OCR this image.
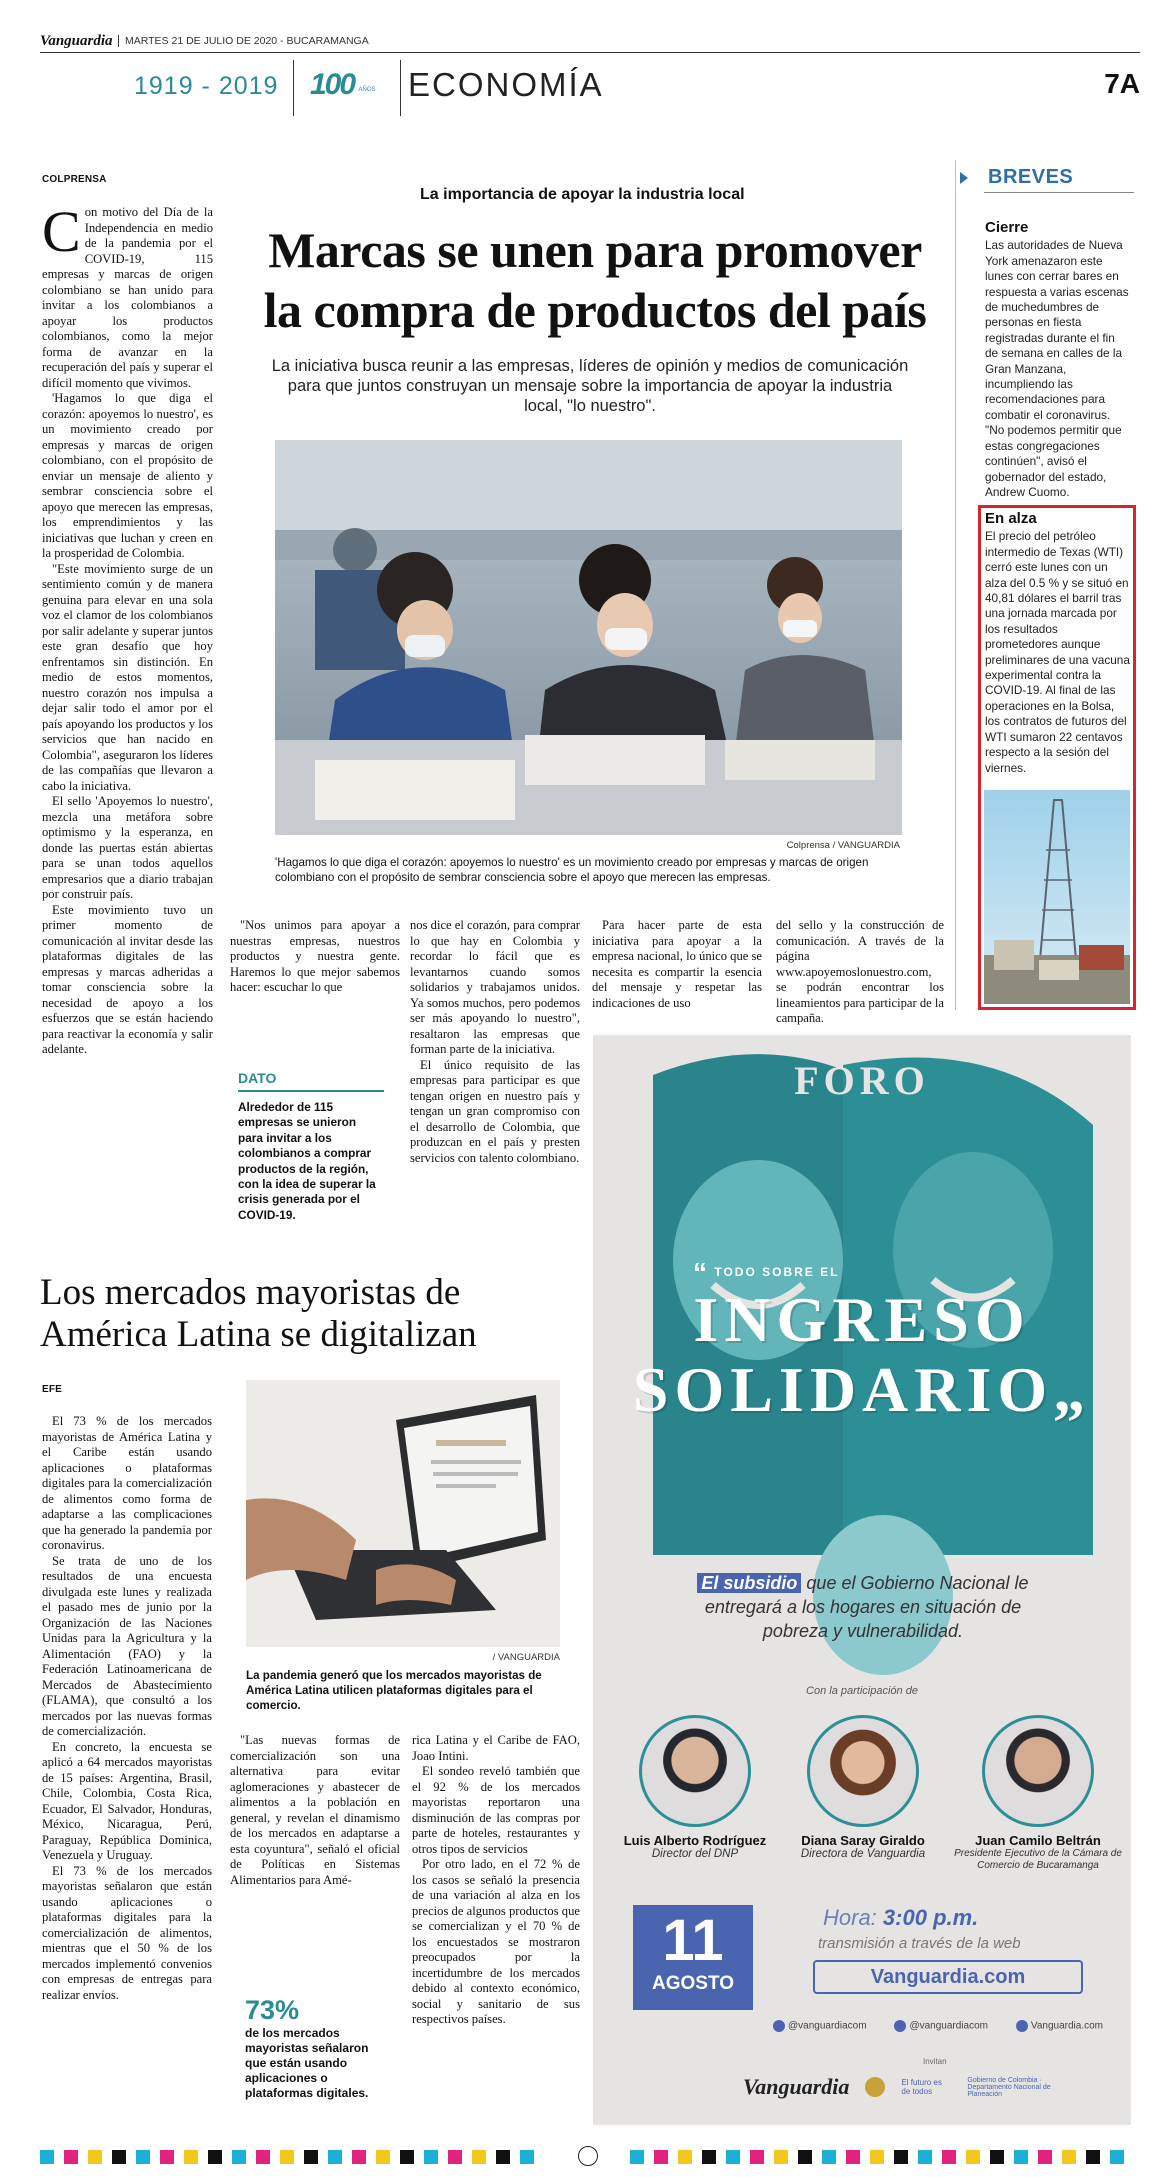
Vanguardia	MARTES 21 DE JULIO DE 2020 - BUCARAMANGA
1919 - 2019 100 AÑOS ECONOMÍA	7A
COLPRENSA

Con motivo del Día de la Independencia en medio de la pandemia por el COVID-19, 115 empresas y marcas de origen colombiano se han unido para invitar a los colombianos a apoyar los productos colombianos, como la mejor forma de avanzar en la recuperación del país y superar el difícil momento que vivimos.

'Hagamos lo que diga el corazón: apoyemos lo nuestro', es un movimiento creado por empresas y marcas de origen colombiano, con el propósito de enviar un mensaje de aliento y sembrar consciencia sobre el apoyo que merecen las empresas, los emprendimientos y las iniciativas que luchan y creen en la prosperidad de Colombia.

"Este movimiento surge de un sentimiento común y de manera genuina para elevar en una sola voz el clamor de los colombianos por salir adelante y superar juntos este gran desafío que hoy enfrentamos sin distinción. En medio de estos momentos, nuestro corazón nos impulsa a dejar salir todo el amor por el país apoyando los productos y los servicios que han nacido en Colombia", aseguraron los líderes de las compañías que llevaron a cabo la iniciativa.

El sello 'Apoyemos lo nuestro', mezcla una metáfora sobre optimismo y la esperanza, en donde las puertas están abiertas para se unan todos aquellos empresarios que a diario trabajan por construir país.

Este movimiento tuvo un primer momento de comunicación al invitar desde las plataformas digitales de las empresas y marcas adheridas a tomar consciencia sobre la necesidad de apoyo a los esfuerzos que se están haciendo para reactivar la economía y salir adelante.

La importancia de apoyar la industria local
Marcas se unen para promover
la compra de productos del país
La iniciativa busca reunir a las empresas, líderes de opinión y medios de comunicación para que juntos construyan un mensaje sobre la importancia de apoyar la industria local, "lo nuestro".
Colprensa / VANGUARDIA
'Hagamos lo que diga el corazón: apoyemos lo nuestro' es un movimiento creado por empresas y marcas de origen colombiano con el propósito de sembrar consciencia sobre el apoyo que merecen las empresas.

"Nos unimos para apoyar a nuestras empresas, nuestros productos y nuestra gente. Haremos lo que mejor sabemos hacer: escuchar lo que

nos dice el corazón, para comprar lo que hay en Colombia y recordar lo fácil que es levantarnos cuando somos solidarios y trabajamos unidos. Ya somos muchos, pero podemos ser más apoyando lo nuestro", resaltaron las empresas que forman parte de la iniciativa.

El único requisito de las empresas para participar es que tengan origen en nuestro país y tengan un gran compromiso con el desarrollo de Colombia, que produzcan en el país y presten servicios con talento colombiano.

Para hacer parte de esta iniciativa para apoyar a la empresa nacional, lo único que se necesita es compartir la esencia del mensaje y respetar las indicaciones de uso

del sello y la construcción de comunicación. A través de la página www.apoyemoslonuestro.com, se podrán encontrar los lineamientos para participar de la campaña.

DATO
Alrededor de 115 empresas se unieron para invitar a los colombianos a comprar productos de la región, con la idea de superar la crisis generada por el COVID-19.
BREVES
Cierre
Las autoridades de Nueva York amenazaron este lunes con cerrar bares en respuesta a varias escenas de muchedumbres de personas en fiesta registradas durante el fin de semana en calles de la Gran Manzana, incumpliendo las recomendaciones para combatir el coronavirus. "No podemos permitir que estas congregaciones continúen", avisó el gobernador del estado, Andrew Cuomo.
En alza
El precio del petróleo intermedio de Texas (WTI) cerró este lunes con un alza del 0.5 % y se situó en 40,81 dólares el barril tras una jornada marcada por los resultados prometedores aunque preliminares de una vacuna experimental contra la COVID-19. Al final de las operaciones en la Bolsa, los contratos de futuros del WTI sumaron 22 centavos respecto a la sesión del viernes.
Los mercados mayoristas de
América Latina se digitalizan
EFE

El 73 % de los mercados mayoristas de América Latina y el Caribe están usando aplicaciones o plataformas digitales para la comercialización de alimentos como forma de adaptarse a las complicaciones que ha generado la pandemia por coronavirus.

Se trata de uno de los resultados de una encuesta divulgada este lunes y realizada el pasado mes de junio por la Organización de las Naciones Unidas para la Agricultura y la Alimentación (FAO) y la Federación Latinoamericana de Mercados de Abastecimiento (FLAMA), que consultó a los mercados por las nuevas formas de comercialización.

En concreto, la encuesta se aplicó a 64 mercados mayoristas de 15 países: Argentina, Brasil, Chile, Colombia, Costa Rica, Ecuador, El Salvador, Honduras, México, Nicaragua, Perú, Paraguay, República Dominica, Venezuela y Uruguay.

El 73 % de los mercados mayoristas señalaron que están usando aplicaciones o plataformas digitales para la comercialización de alimentos, mientras que el 50 % de los mercados implementó convenios con empresas de entregas para realizar envíos.

/ VANGUARDIA
La pandemia generó que los mercados mayoristas de América Latina utilicen plataformas digitales para el comercio.

"Las nuevas formas de comercialización son una alternativa para evitar aglomeraciones y abastecer de alimentos a la población en general, y revelan el dinamismo de los mercados en adaptarse a esta coyuntura", señaló el oficial de Políticas en Sistemas Alimentarios para Amé-

rica Latina y el Caribe de FAO, Joao Intini.

El sondeo reveló también que el 92 % de los mercados mayoristas reportaron una disminución de las compras por parte de hoteles, restaurantes y otros tipos de servicios

Por otro lado, en el 72 % de los casos se señaló la presencia de una variación al alza en los precios de algunos productos que se comercializan y el 70 % de los encuestados se mostraron preocupados por la incertidumbre de los mercados debido al contexto económico, social y sanitario de sus respectivos países.

73%
de los mercados mayoristas señalaron que están usando aplicaciones o plataformas digitales.
FORO
“ TODO SOBRE EL
INGRESO
SOLIDARIO„
El subsidio que el Gobierno Nacional le
entregará a los hogares en situación de
pobreza y vulnerabilidad.
Con la participación de
Luis Alberto Rodríguez
Director del DNP
Diana Saray Giraldo
Directora de Vanguardia
Juan Camilo Beltrán
Presidente Ejecutivo de la Cámara de Comercio de Bucaramanga
11
AGOSTO
Hora: 3:00 p.m.
transmisión a través de la web
Vanguardia.com
@vanguardiacom	@vanguardiacom	Vanguardia.com
Invitan
Vanguardia	El futuro es de todos
Gobierno de Colombia · Departamento Nacional de Planeación
